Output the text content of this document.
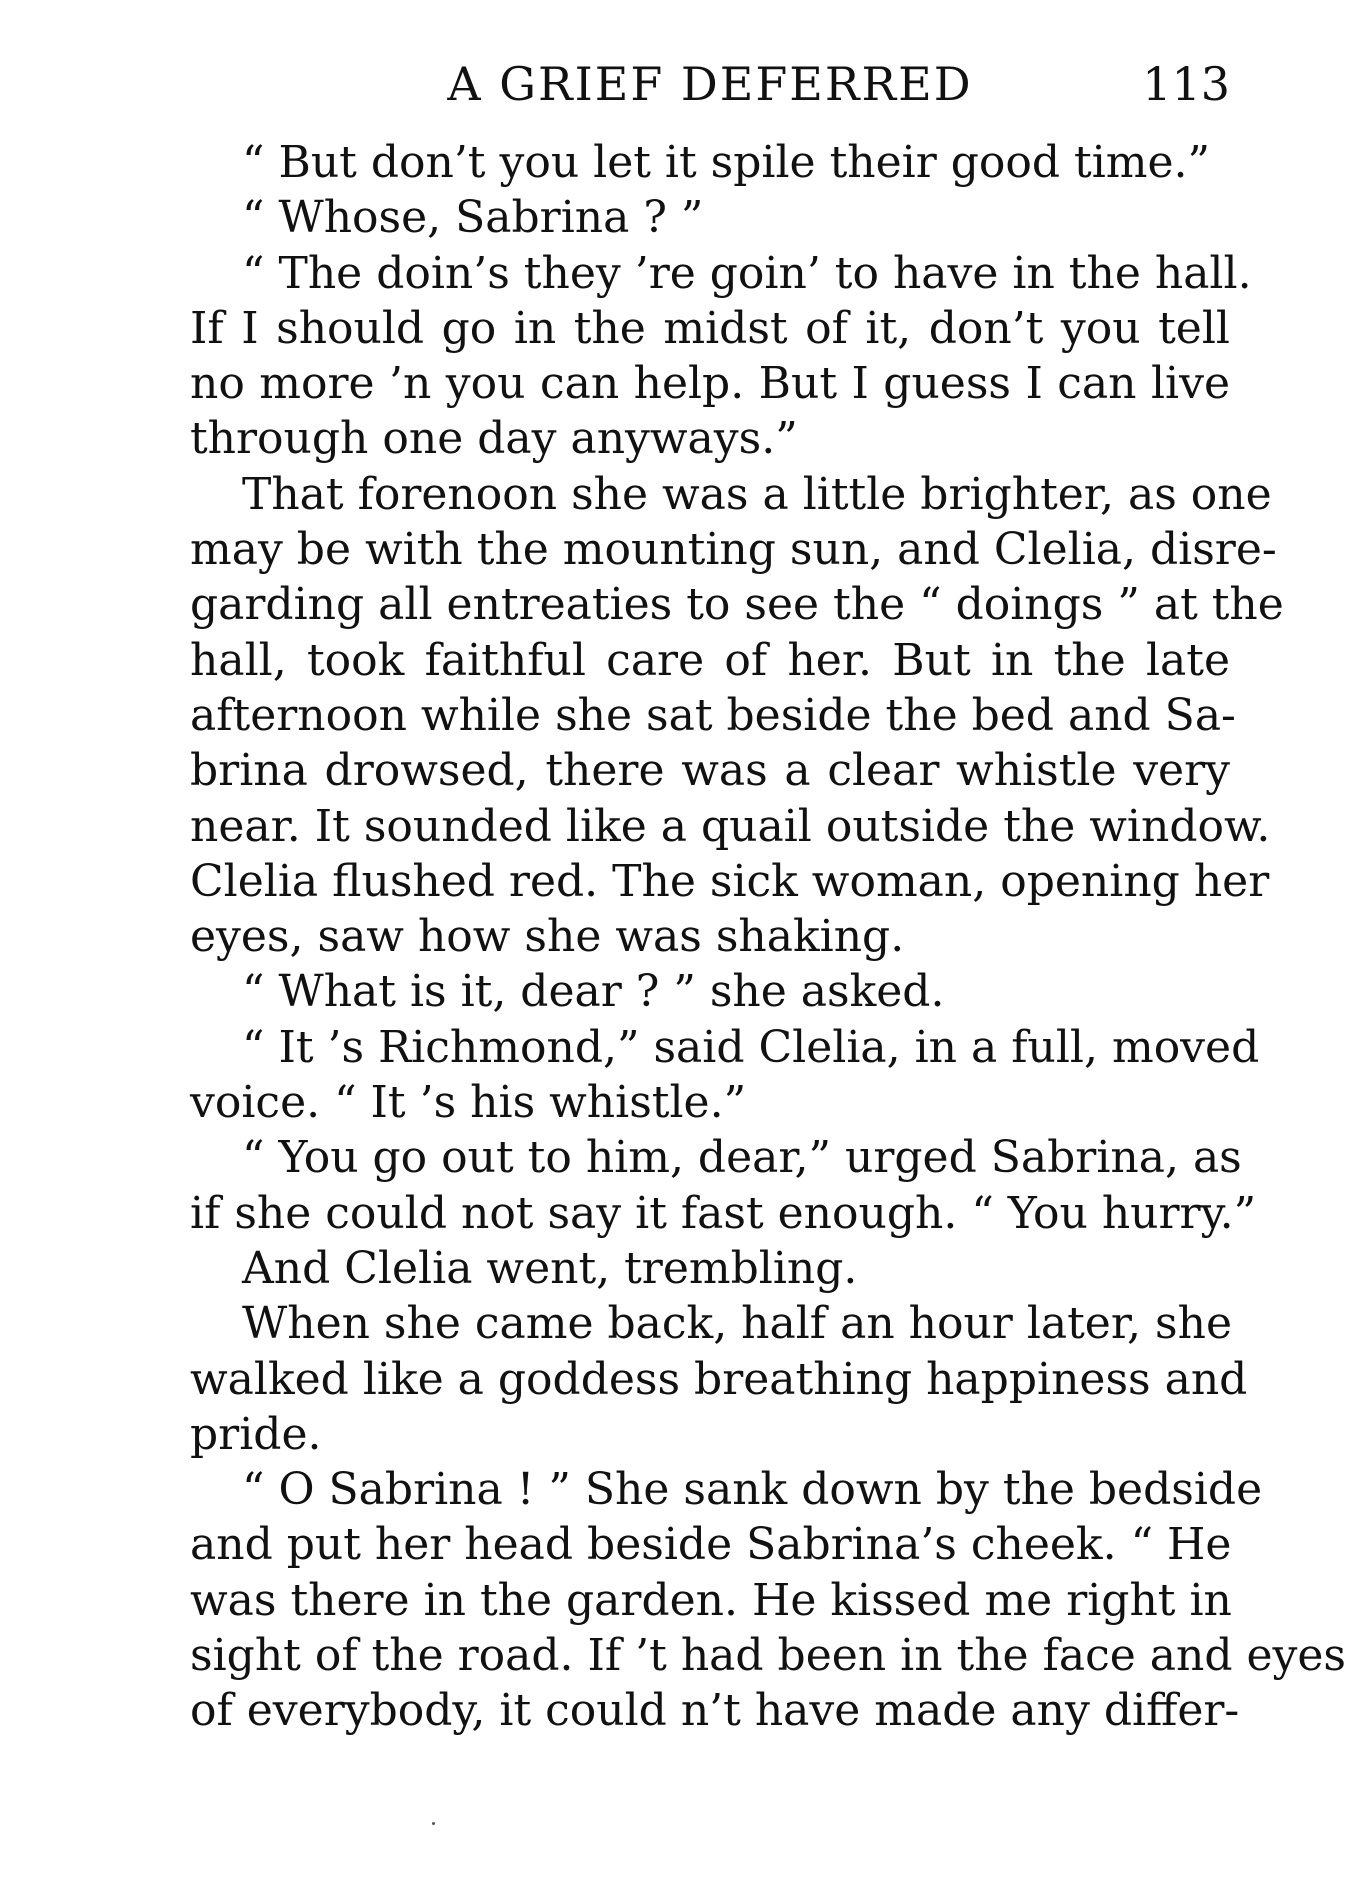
A GRIEF DEFERRED	113
“ But don’t you let it spile their good time.”
“ Whose, Sabrina ? ”
“ The doin’s they ’re goin’ to have in the hall.
If I should go in the midst of it, don’t you tell
no more ’n you can help. But I guess I can live
through one day anyways.”
That forenoon she was a little brighter, as one
may be with the mounting sun, and Clelia, disre-
garding all entreaties to see the “ doings ” at the
hall, took faithful care of her. But in the late
afternoon while she sat beside the bed and Sa-
brina drowsed, there was a clear whistle very
near. It sounded like a quail outside the window.
Clelia flushed red. The sick woman, opening her
eyes, saw how she was shaking.
“ What is it, dear ? ” she asked.
“ It ’s Richmond,” said Clelia, in a full, moved
voice. “ It ’s his whistle.”
“ You go out to him, dear,” urged Sabrina, as
if she could not say it fast enough. “ You hurry.”
And Clelia went, trembling.
When she came back, half an hour later, she
walked like a goddess breathing happiness and
pride.
“ O Sabrina ! ” She sank down by the bedside
and put her head beside Sabrina’s cheek. “ He
was there in the garden. He kissed me right in
sight of the road. If ’t had been in the face and eyes
of everybody, it could n’t have made any differ-
